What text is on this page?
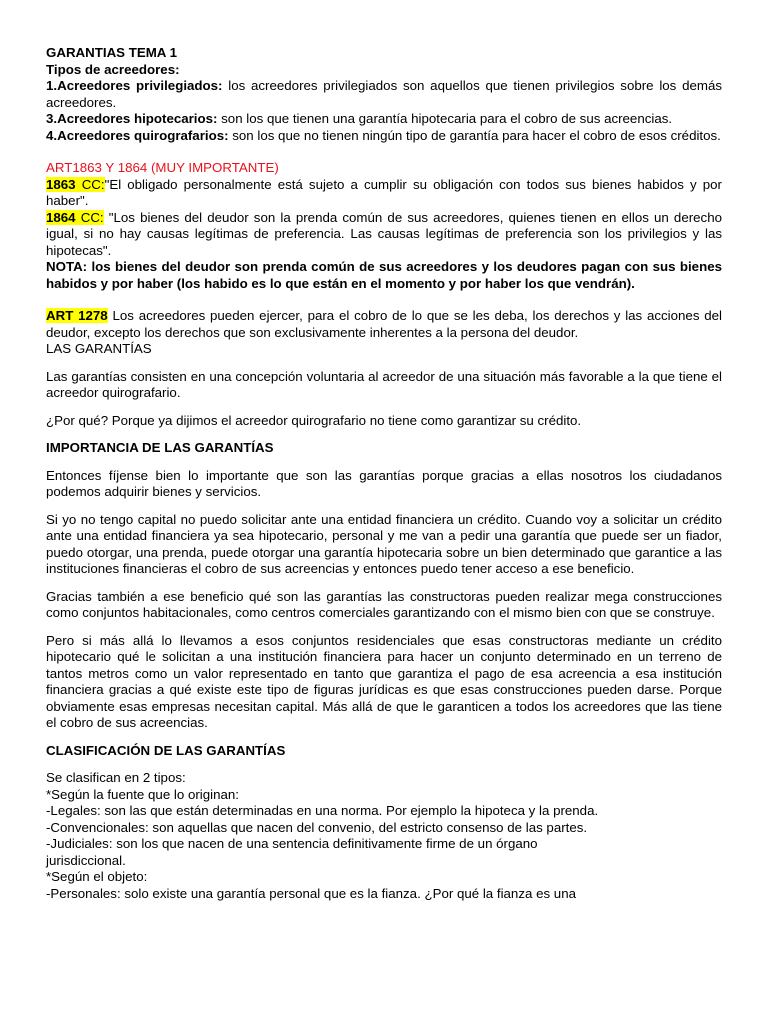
GARANTIAS TEMA 1

Tipos de acreedores:

1.Acreedores privilegiados: los acreedores privilegiados son aquellos que tienen privilegios sobre los demás acreedores.

3.Acreedores hipotecarios: son los que tienen una garantía hipotecaria para el cobro de sus acreencias.

4.Acreedores quirografarios: son los que no tienen ningún tipo de garantía para hacer el cobro de esos créditos.

ART1863 Y 1864 (MUY IMPORTANTE)

1863 CC:"El obligado personalmente está sujeto a cumplir su obligación con todos sus bienes habidos y por haber".

1864 CC: "Los bienes del deudor son la prenda común de sus acreedores, quienes tienen en ellos un derecho igual, si no hay causas legítimas de preferencia. Las causas legítimas de preferencia son los privilegios y las hipotecas".

NOTA: los bienes del deudor son prenda común de sus acreedores y los deudores pagan con sus bienes habidos y por haber (los habido es lo que están en el momento y por haber los que vendrán).

ART 1278 Los acreedores pueden ejercer, para el cobro de lo que se les deba, los derechos y las acciones del deudor, excepto los derechos que son exclusivamente inherentes a la persona del deudor.

LAS GARANTÍAS

Las garantías consisten en una concepción voluntaria al acreedor de una situación más favorable a la que tiene el acreedor quirografario.

¿Por qué? Porque ya dijimos el acreedor quirografario no tiene como garantizar su crédito.

IMPORTANCIA DE LAS GARANTÍAS

Entonces fíjense bien lo importante que son las garantías porque gracias a ellas nosotros los ciudadanos podemos adquirir bienes y servicios.

Si yo no tengo capital no puedo solicitar ante una entidad financiera un crédito. Cuando voy a solicitar un crédito ante una entidad financiera ya sea hipotecario, personal y me van a pedir una garantía que puede ser un fiador, puedo otorgar, una prenda, puede otorgar una garantía hipotecaria sobre un bien determinado que garantice a las instituciones financieras el cobro de sus acreencias y entonces puedo tener acceso a ese beneficio.

Gracias también a ese beneficio qué son las garantías las constructoras pueden realizar mega construcciones como conjuntos habitacionales, como centros comerciales garantizando con el mismo bien con que se construye.

Pero si más allá lo llevamos a esos conjuntos residenciales que esas constructoras mediante un crédito hipotecario qué le solicitan a una institución financiera para hacer un conjunto determinado en un terreno de tantos metros como un valor representado en tanto que garantiza el pago de esa acreencia a esa institución financiera gracias a qué existe este tipo de figuras jurídicas es que esas construcciones pueden darse. Porque obviamente esas empresas necesitan capital. Más allá de que le garanticen a todos los acreedores que las tiene el cobro de sus acreencias.

CLASIFICACIÓN DE LAS GARANTÍAS

Se clasifican en 2 tipos:

*Según la fuente que lo originan:

-Legales: son las que están determinadas en una norma. Por ejemplo la hipoteca y la prenda.

-Convencionales: son aquellas que nacen del convenio, del estricto consenso de las partes.

-Judiciales: son los que nacen de una sentencia definitivamente firme de un órgano

jurisdiccional.

*Según el objeto:

-Personales: solo existe una garantía personal que es la fianza. ¿Por qué la fianza es una
